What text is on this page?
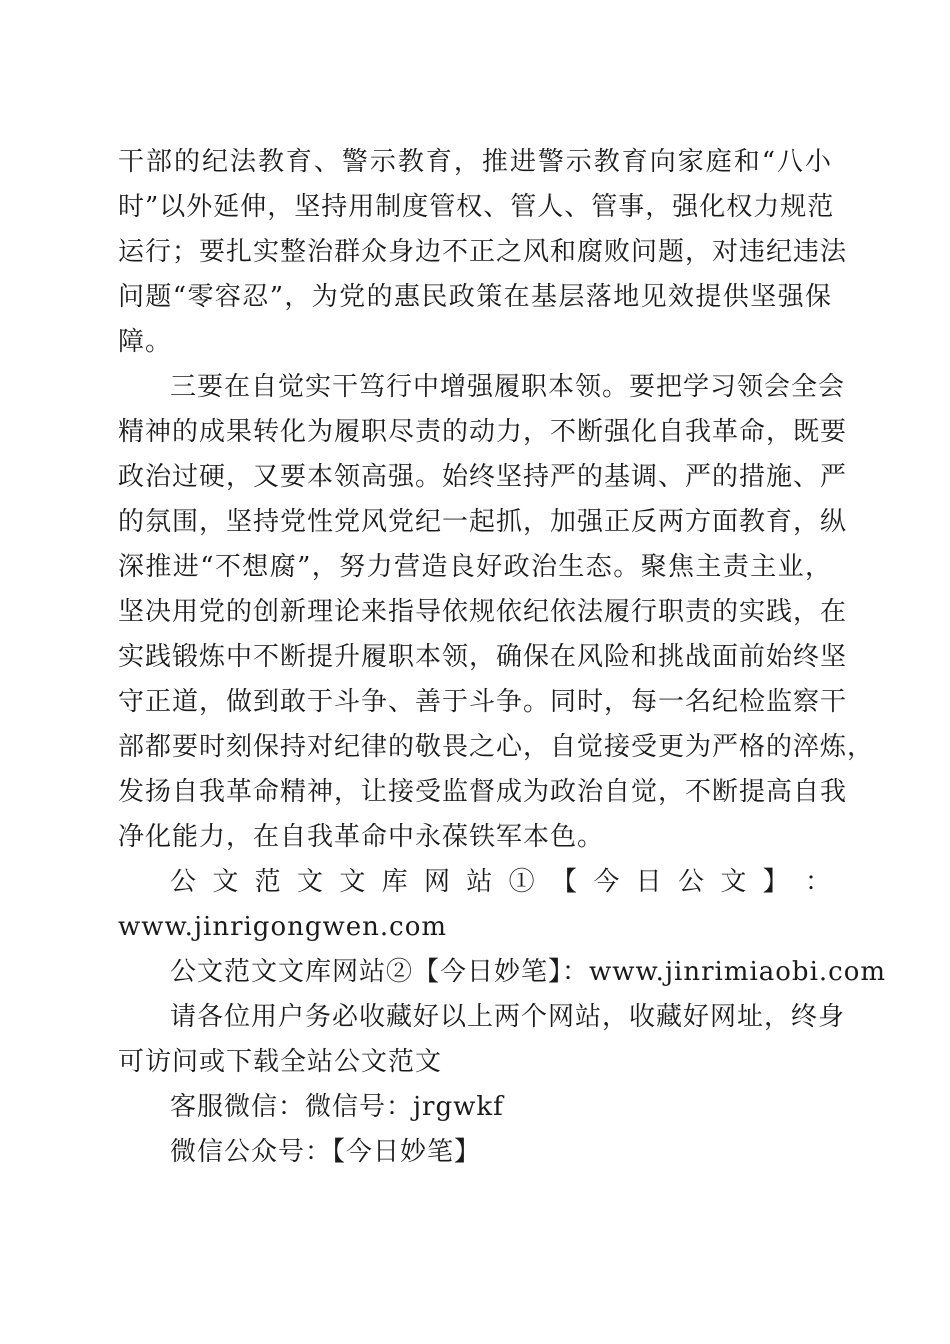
干部的纪法教育、警示教育，推进警示教育向家庭和“八小
时”以外延伸，坚持用制度管权、管人、管事，强化权力规范
运行；要扎实整治群众身边不正之风和腐败问题，对违纪违法
问题“零容忍”，为党的惠民政策在基层落地见效提供坚强保
障。
三要在自觉实干笃行中增强履职本领。要把学习领会全会
精神的成果转化为履职尽责的动力，不断强化自我革命，既要
政治过硬，又要本领高强。始终坚持严的基调、严的措施、严
的氛围，坚持党性党风党纪一起抓，加强正反两方面教育，纵
深推进“不想腐”，努力营造良好政治生态。聚焦主责主业，
坚决用党的创新理论来指导依规依纪依法履行职责的实践，在
实践锻炼中不断提升履职本领，确保在风险和挑战面前始终坚
守正道，做到敢于斗争、善于斗争。同时，每一名纪检监察干
部都要时刻保持对纪律的敬畏之心，自觉接受更为严格的淬炼，
发扬自我革命精神，让接受监督成为政治自觉，不断提高自我
净化能力，在自我革命中永葆铁军本色。
公 文 范 文 文 库 网 站 ① 【 今 日 公 文 】 ：
www.jinrigongwen.com
公文范文文库网站②【今日妙笔】：www.jinrimiaobi.com
请各位用户务必收藏好以上两个网站，收藏好网址，终身
可访问或下载全站公文范文
客服微信：微信号：jrgwkf
微信公众号：【今日妙笔】
